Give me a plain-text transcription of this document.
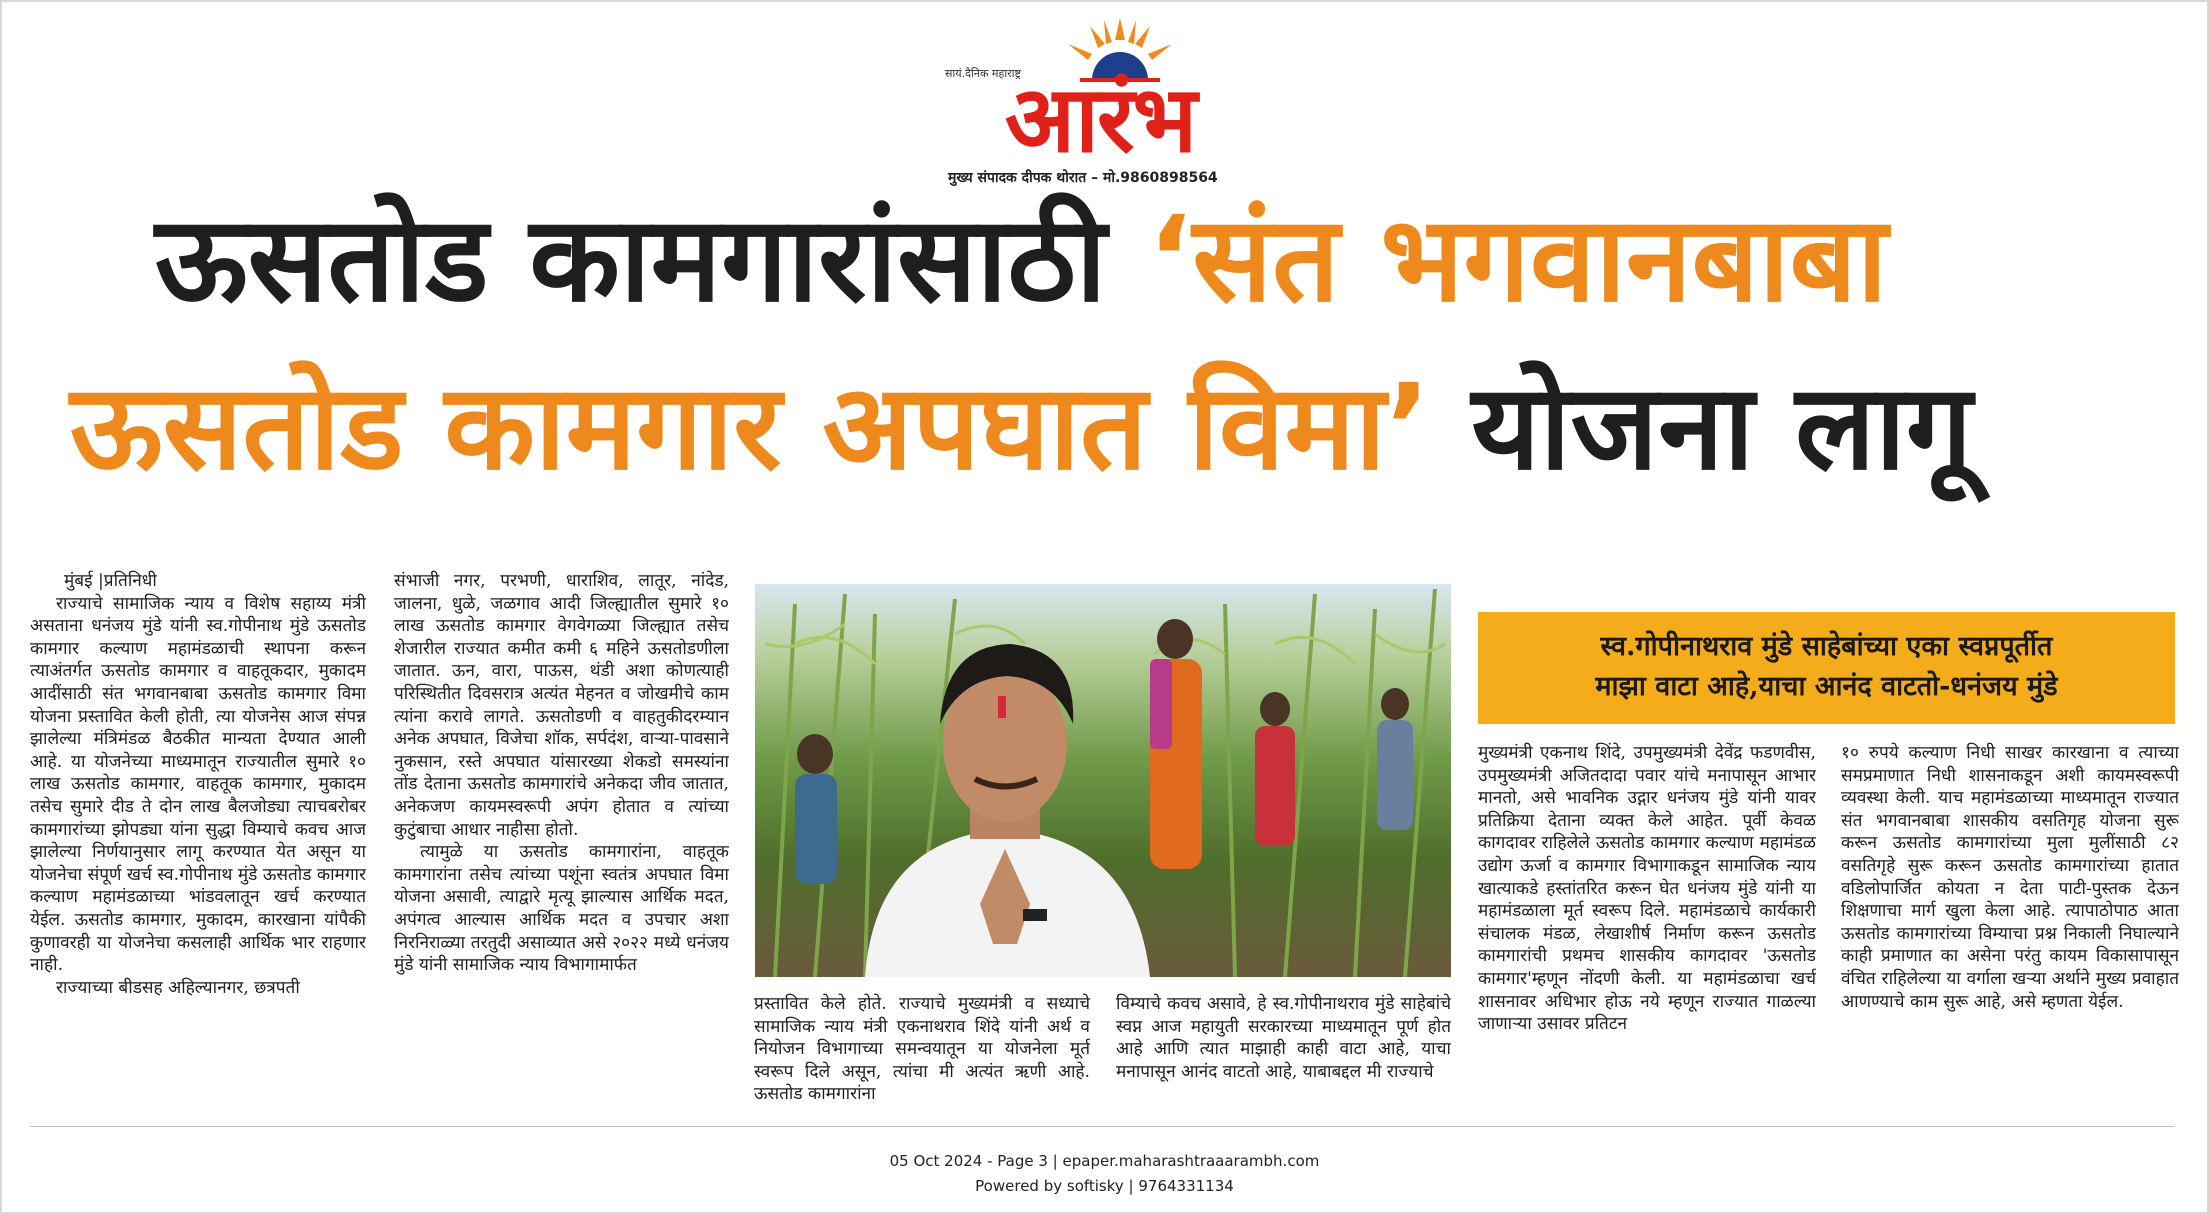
सायं.दैनिक महाराष्ट्र
आरंभ
मुख्य संपादक दीपक थोरात – मो.9860898564
ऊसतोड कामगारांसाठी ‘संत भगवानबाबा
ऊसतोड कामगार अपघात विमा’ योजना लागू

मुंबई |प्रतिनिधी

राज्याचे सामाजिक न्याय व विशेष सहाय्य मंत्री असताना धनंजय मुंडे यांनी स्व.गोपीनाथ मुंडे ऊसतोड कामगार कल्याण महामंडळाची स्थापना करून त्याअंतर्गत ऊसतोड कामगार व वाहतूकदार, मुकादम आदींसाठी संत भगवानबाबा ऊसतोड कामगार विमा योजना प्रस्तावित केली होती, त्या योजनेस आज संपन्न झालेल्या मंत्रिमंडळ बैठकीत मान्यता देण्यात आली आहे. या योजनेच्या माध्यमातून राज्यातील सुमारे १० लाख ऊसतोड कामगार, वाहतूक कामगार, मुकादम तसेच सुमारे दीड ते दोन लाख बैलजोड्या त्याचबरोबर कामगारांच्या झोपड्या यांना सुद्धा विम्याचे कवच आज झालेल्या निर्णयानुसार लागू करण्यात येत असून या योजनेचा संपूर्ण खर्च स्व.गोपीनाथ मुंडे ऊसतोड कामगार कल्याण महामंडळाच्या भांडवलातून खर्च करण्यात येईल. ऊसतोड कामगार, मुकादम, कारखाना यांपैकी कुणावरही या योजनेचा कसलाही आर्थिक भार राहणार नाही.

राज्याच्या बीडसह अहिल्यानगर, छत्रपती

संभाजी नगर, परभणी, धाराशिव, लातूर, नांदेड, जालना, धुळे, जळगाव आदी जिल्ह्यातील सुमारे १० लाख ऊसतोड कामगार वेगवेगळ्या जिल्ह्यात तसेच शेजारील राज्यात कमीत कमी ६ महिने ऊसतोडणीला जातात. ऊन, वारा, पाऊस, थंडी अशा कोणत्याही परिस्थितीत दिवसरात्र अत्यंत मेहनत व जोखमीचे काम त्यांना करावे लागते. ऊसतोडणी व वाहतुकीदरम्यान अनेक अपघात, विजेचा शॉक, सर्पदंश, वाऱ्या-पावसाने नुकसान, रस्ते अपघात यांसारख्या शेकडो समस्यांना तोंड देताना ऊसतोड कामगारांचे अनेकदा जीव जातात, अनेकजण कायमस्वरूपी अपंग होतात व त्यांच्या कुटुंबाचा आधार नाहीसा होतो.

त्यामुळे या ऊसतोड कामगारांना, वाहतूक कामगारांना तसेच त्यांच्या पशूंना स्वतंत्र अपघात विमा योजना असावी, त्याद्वारे मृत्यू झाल्यास आर्थिक मदत, अपंगत्व आल्यास आर्थिक मदत व उपचार अशा निरनिराळ्या तरतुदी असाव्यात असे २०२२ मध्ये धनंजय मुंडे यांनी सामाजिक न्याय विभागामार्फत

प्रस्तावित केले होते. राज्याचे मुख्यमंत्री व सध्याचे सामाजिक न्याय मंत्री एकनाथराव शिंदे यांनी अर्थ व नियोजन विभागाच्या समन्वयातून या योजनेला मूर्त स्वरूप दिले असून, त्यांचा मी अत्यंत ऋणी आहे. ऊसतोड कामगारांना

विम्याचे कवच असावे, हे स्व.गोपीनाथराव मुंडे साहेबांचे स्वप्न आज महायुती सरकारच्या माध्यमातून पूर्ण होत आहे आणि त्यात माझाही काही वाटा आहे, याचा मनापासून आनंद वाटतो आहे, याबाबद्दल मी राज्याचे

स्व.गोपीनाथराव मुंडे साहेबांच्या एका स्वप्नपूर्तीत
माझा वाटा आहे,याचा आनंद वाटतो-धनंजय मुंडे

मुख्यमंत्री एकनाथ शिंदे, उपमुख्यमंत्री देवेंद्र फडणवीस, उपमुख्यमंत्री अजितदादा पवार यांचे मनापासून आभार मानतो, असे भावनिक उद्गार धनंजय मुंडे यांनी यावर प्रतिक्रिया देताना व्यक्त केले आहेत. पूर्वी केवळ कागदावर राहिलेले ऊसतोड कामगार कल्याण महामंडळ उद्योग ऊर्जा व कामगार विभागाकडून सामाजिक न्याय खात्याकडे हस्तांतरित करून घेत धनंजय मुंडे यांनी या महामंडळाला मूर्त स्वरूप दिले. महामंडळाचे कार्यकारी संचालक मंडळ, लेखाशीर्ष निर्माण करून ऊसतोड कामगारांची प्रथमच शासकीय कागदावर 'ऊसतोड कामगार'म्हणून नोंदणी केली. या महामंडळाचा खर्च शासनावर अधिभार होऊ नये म्हणून राज्यात गाळल्या जाणाऱ्या उसावर प्रतिटन

१० रुपये कल्याण निधी साखर कारखाना व त्याच्या समप्रमाणात निधी शासनाकडून अशी कायमस्वरूपी व्यवस्था केली. याच महामंडळाच्या माध्यमातून राज्यात संत भगवानबाबा शासकीय वसतिगृह योजना सुरू करून ऊसतोड कामगारांच्या मुला मुलींसाठी ८२ वसतिगृहे सुरू करून ऊसतोड कामगारांच्या हातात वडिलोपार्जित कोयता न देता पाटी-पुस्तक देऊन शिक्षणाचा मार्ग खुला केला आहे. त्यापाठोपाठ आता ऊसतोड कामगारांच्या विम्याचा प्रश्न निकाली निघाल्याने काही प्रमाणात का असेना परंतु कायम विकासापासून वंचित राहिलेल्या या वर्गाला खऱ्या अर्थाने मुख्य प्रवाहात आणण्याचे काम सुरू आहे, असे म्हणता येईल.

05 Oct 2024 - Page 3 | epaper.maharashtraaarambh.com
Powered by softisky | 9764331134
